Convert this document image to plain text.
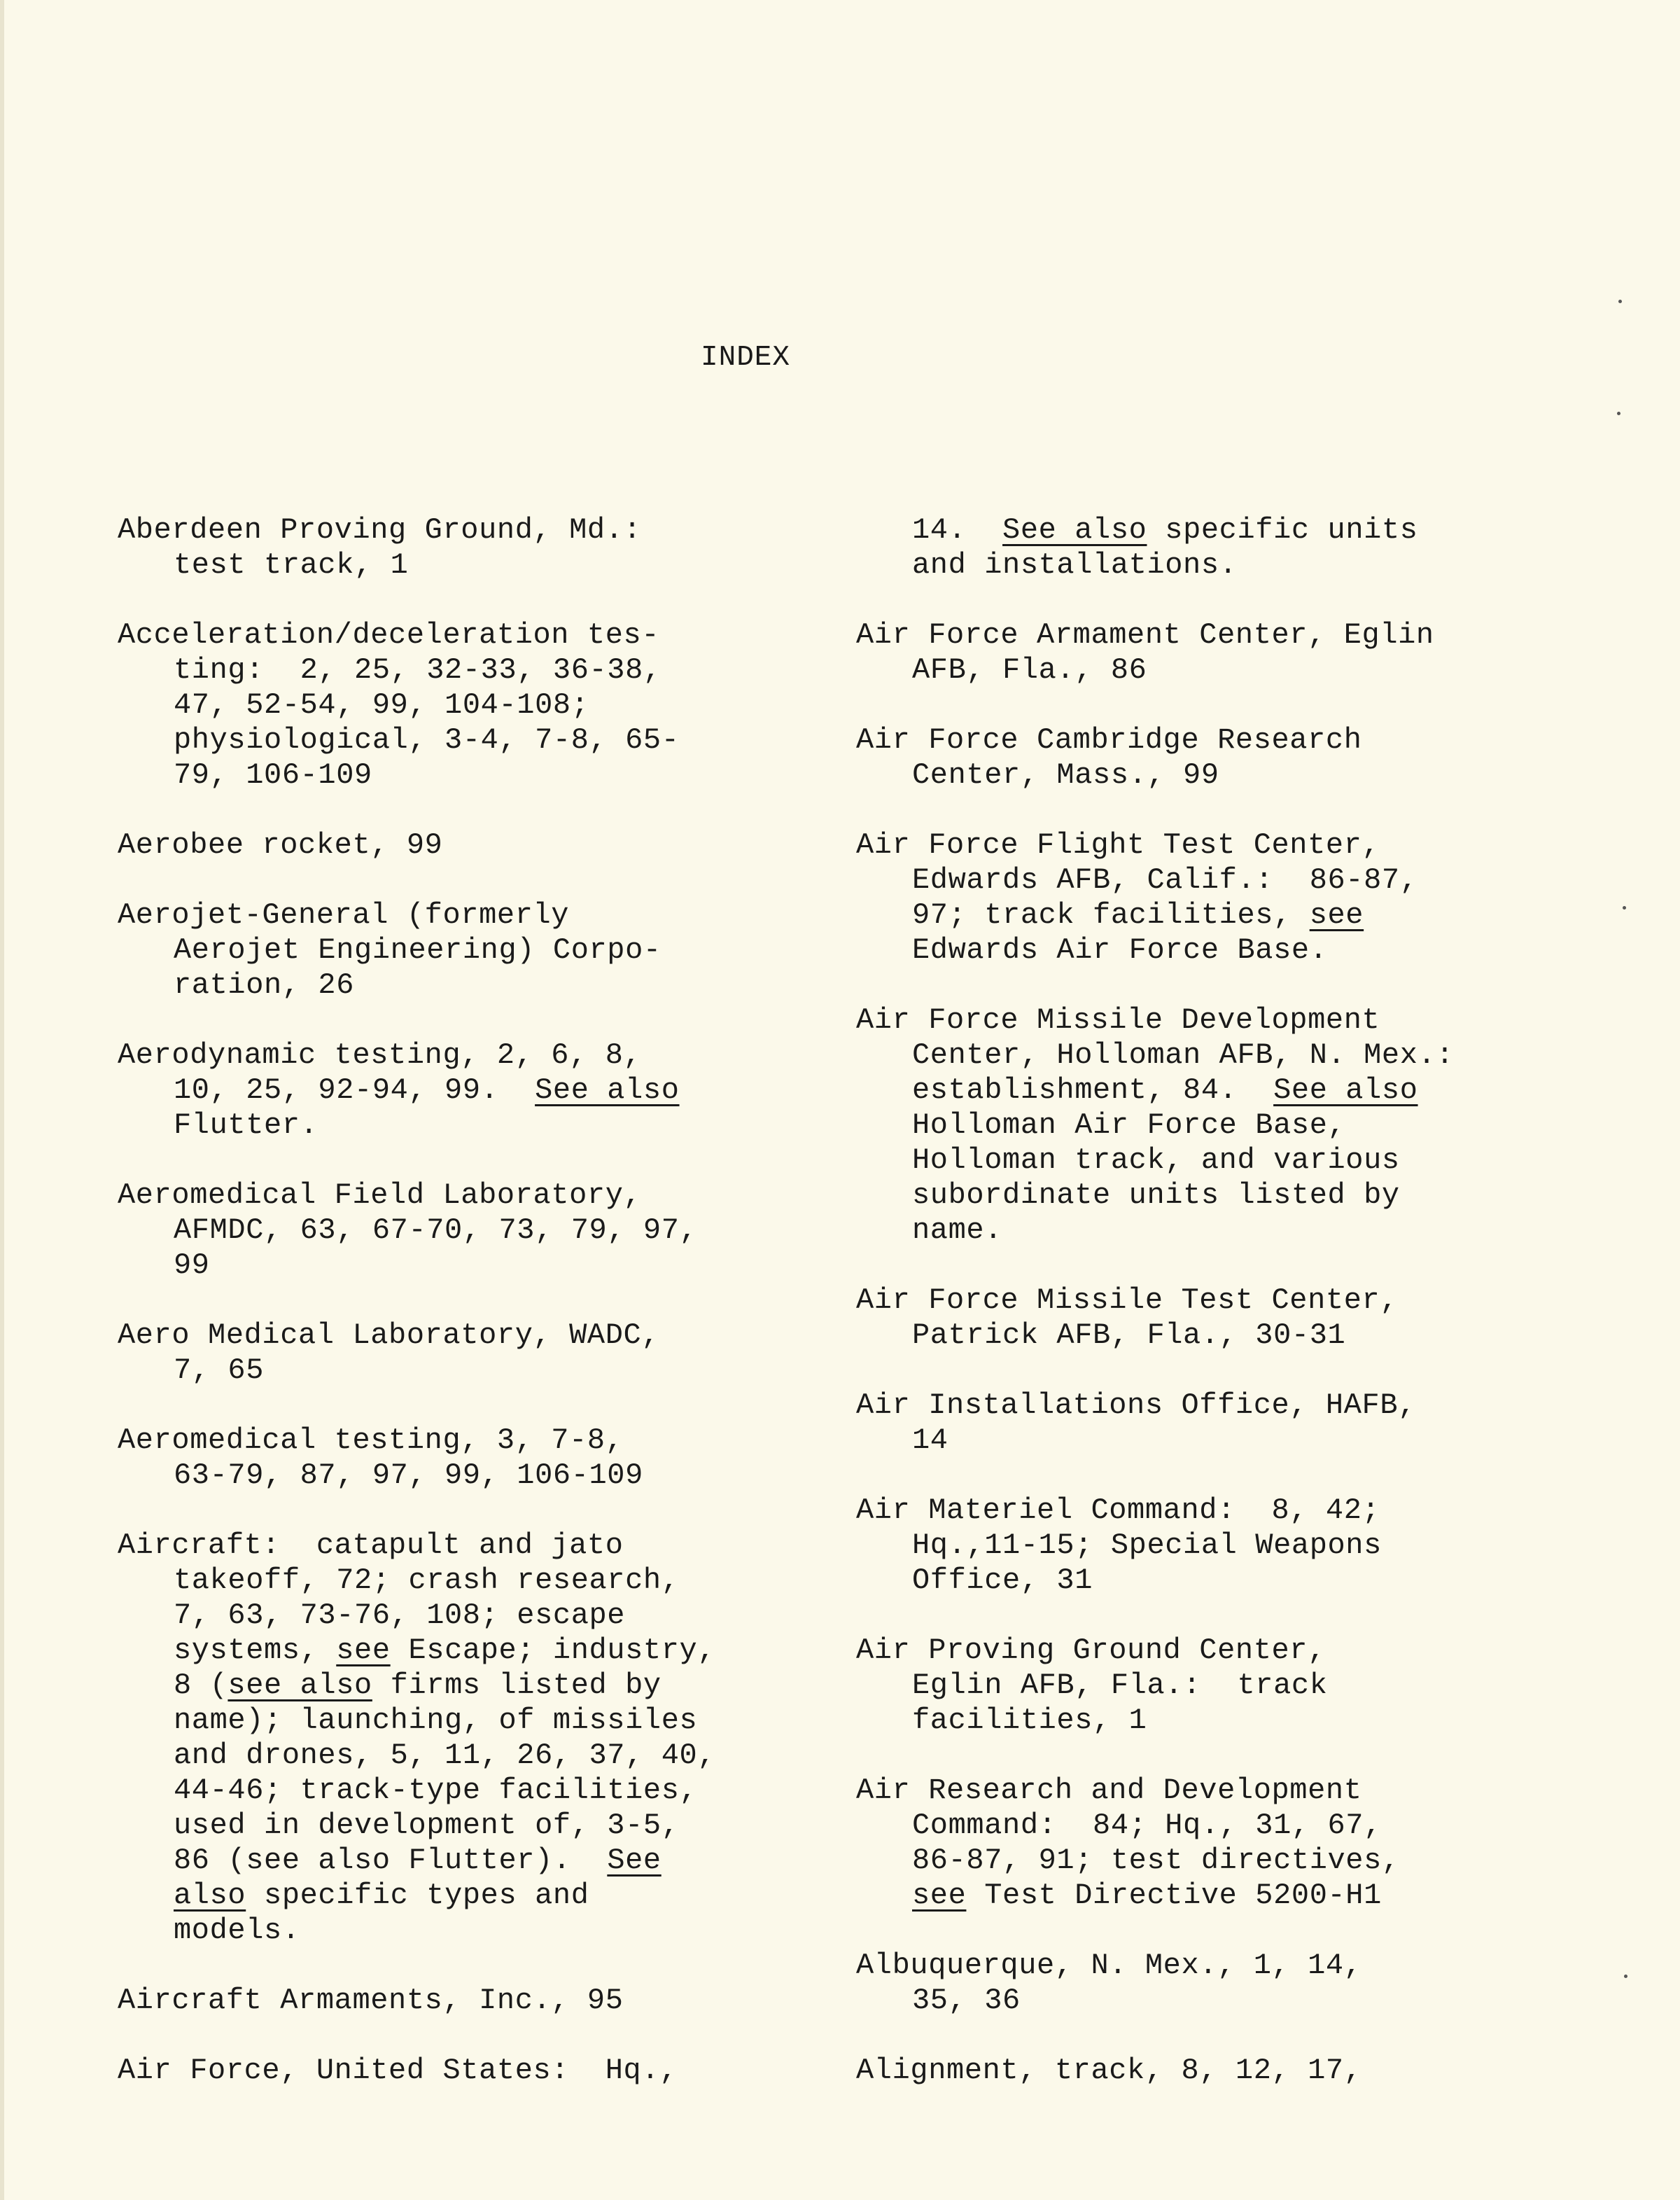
INDEX

Aberdeen Proving Ground, Md.:
test track, 1

Acceleration/deceleration tes-
ting:  2, 25, 32-33, 36-38,
47, 52-54, 99, 104-108;
physiological, 3-4, 7-8, 65-
79, 106-109

Aerobee rocket, 99

Aerojet-General (formerly
Aerojet Engineering) Corpo-
ration, 26

Aerodynamic testing, 2, 6, 8,
10, 25, 92-94, 99.  See also
Flutter.

Aeromedical Field Laboratory,
AFMDC, 63, 67-70, 73, 79, 97,
99

Aero Medical Laboratory, WADC,
7, 65

Aeromedical testing, 3, 7-8,
63-79, 87, 97, 99, 106-109

Aircraft:  catapult and jato
takeoff, 72; crash research,
7, 63, 73-76, 108; escape
systems, see Escape; industry,
8 (see also firms listed by
name); launching, of missiles
and drones, 5, 11, 26, 37, 40,
44-46; track-type facilities,
used in development of, 3-5,
86 (see also Flutter).  See
also specific types and
models.

Aircraft Armaments, Inc., 95

Air Force, United States:  Hq.,

14.  See also specific units
and installations.

Air Force Armament Center, Eglin
AFB, Fla., 86

Air Force Cambridge Research
Center, Mass., 99

Air Force Flight Test Center,
Edwards AFB, Calif.:  86-87,
97; track facilities, see
Edwards Air Force Base.

Air Force Missile Development
Center, Holloman AFB, N. Mex.:
establishment, 84.  See also
Holloman Air Force Base,
Holloman track, and various
subordinate units listed by
name.

Air Force Missile Test Center,
Patrick AFB, Fla., 30-31

Air Installations Office, HAFB,
14

Air Materiel Command:  8, 42;
Hq.,11-15; Special Weapons
Office, 31

Air Proving Ground Center,
Eglin AFB, Fla.:  track
facilities, 1

Air Research and Development
Command:  84; Hq., 31, 67,
86-87, 91; test directives,
see Test Directive 5200-H1

Albuquerque, N. Mex., 1, 14,
35, 36

Alignment, track, 8, 12, 17,
